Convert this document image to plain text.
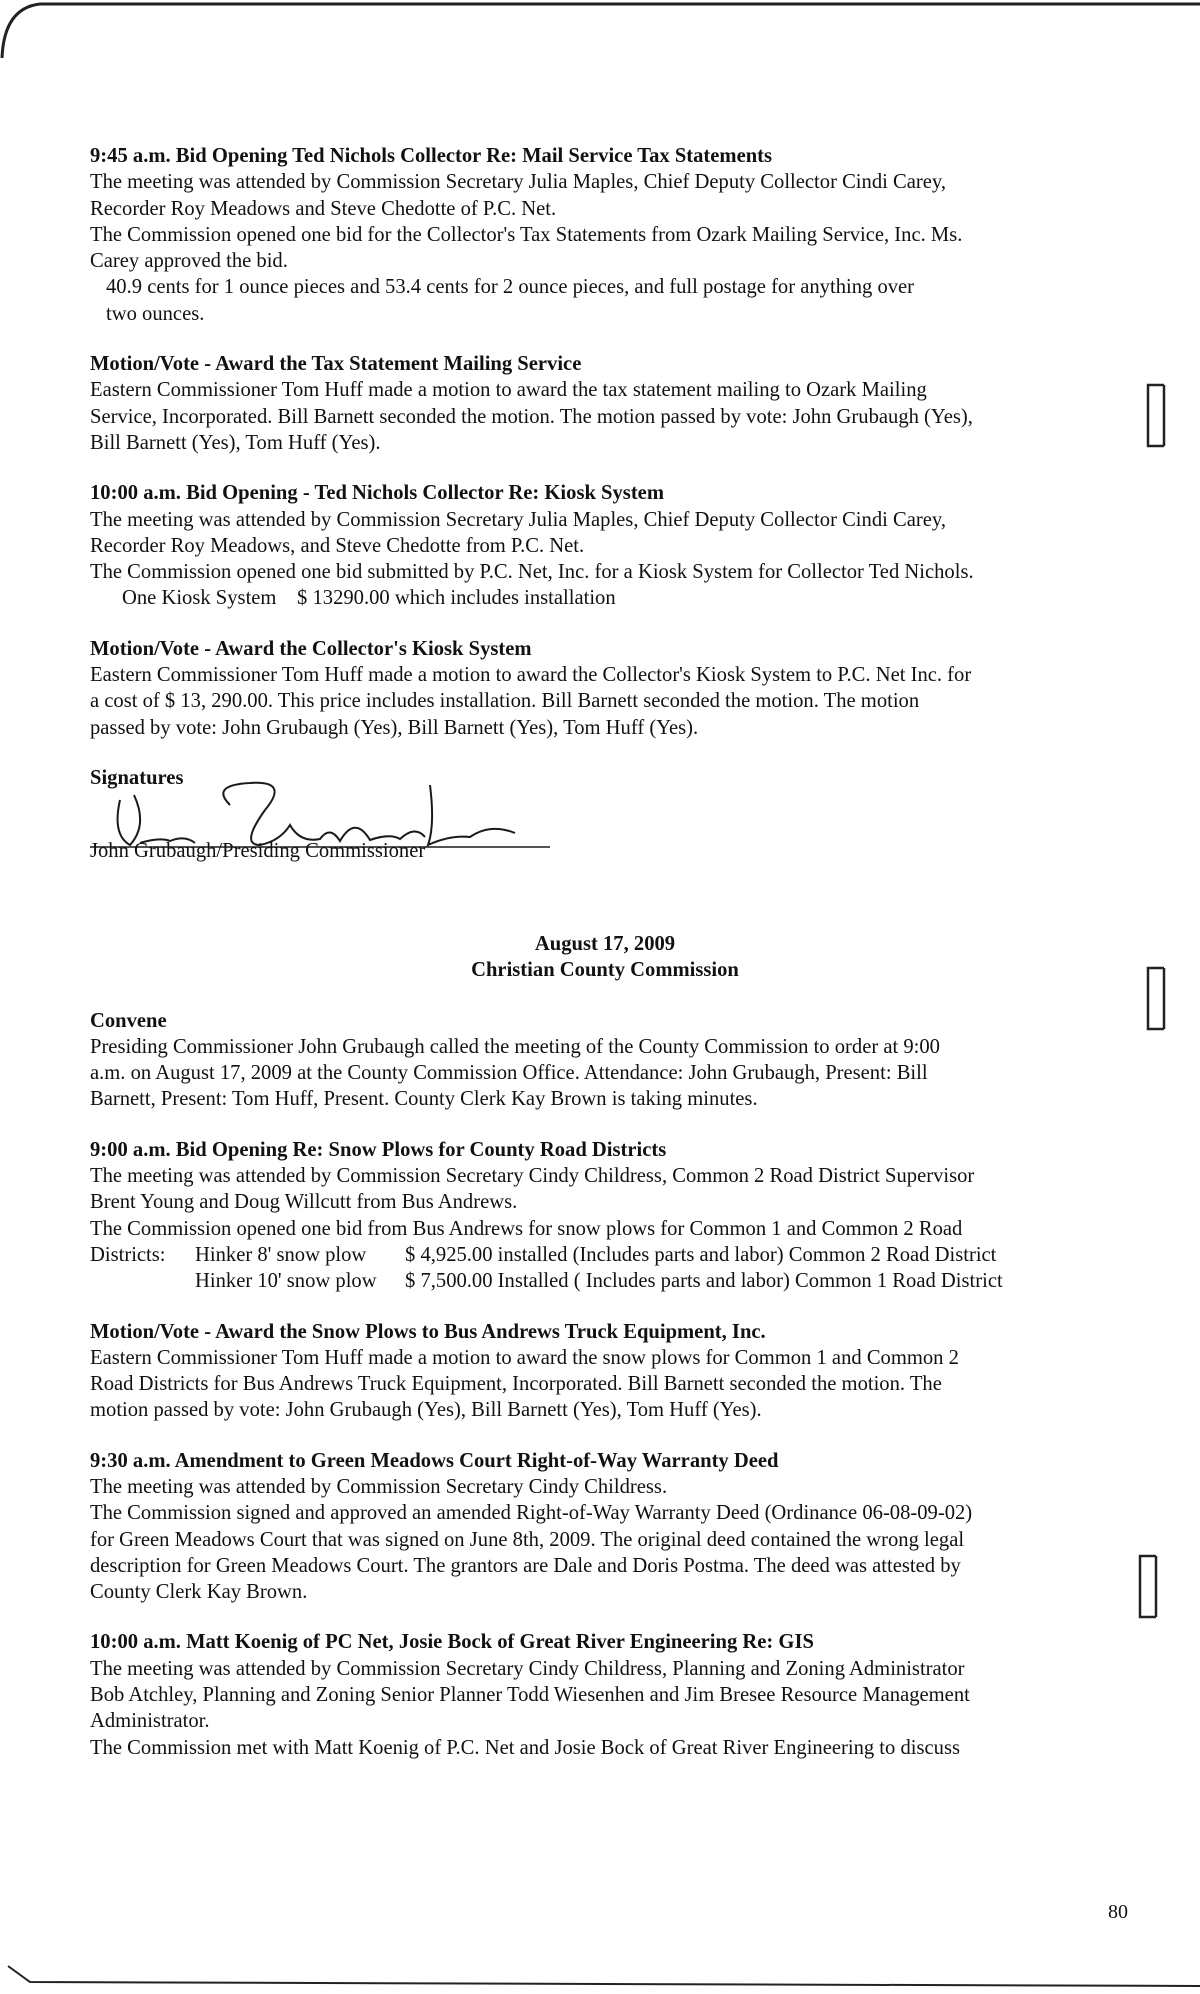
9:45 a.m. Bid Opening Ted Nichols Collector Re: Mail Service Tax Statements
The meeting was attended by Commission Secretary Julia Maples, Chief Deputy Collector Cindi Carey,
Recorder Roy Meadows and Steve Chedotte of P.C. Net.
The Commission opened one bid for the Collector's Tax Statements from Ozark Mailing Service, Inc. Ms.
Carey approved the bid.
40.9 cents for 1 ounce pieces and 53.4 cents for 2 ounce pieces, and full postage for anything over
two ounces.
Motion/Vote - Award the Tax Statement Mailing Service
Eastern Commissioner Tom Huff made a motion to award the tax statement mailing to Ozark Mailing
Service, Incorporated. Bill Barnett seconded the motion. The motion passed by vote: John Grubaugh (Yes),
Bill Barnett (Yes), Tom Huff (Yes).
10:00 a.m. Bid Opening - Ted Nichols Collector Re: Kiosk System
The meeting was attended by Commission Secretary Julia Maples, Chief Deputy Collector Cindi Carey,
Recorder Roy Meadows, and Steve Chedotte from P.C. Net.
The Commission opened one bid submitted by P.C. Net, Inc. for a Kiosk System for Collector Ted Nichols.
One Kiosk System    $ 13290.00 which includes installation
Motion/Vote - Award the Collector's Kiosk System
Eastern Commissioner Tom Huff made a motion to award the Collector's Kiosk System to P.C. Net Inc. for
a cost of $ 13, 290.00. This price includes installation. Bill Barnett seconded the motion. The motion
passed by vote: John Grubaugh (Yes), Bill Barnett (Yes), Tom Huff (Yes).
Signatures
John Grubaugh/Presiding Commissioner
August 17, 2009
Christian County Commission
Convene
Presiding Commissioner John Grubaugh called the meeting of the County Commission to order at 9:00
a.m. on August 17, 2009 at the County Commission Office. Attendance: John Grubaugh, Present: Bill
Barnett, Present: Tom Huff, Present. County Clerk Kay Brown is taking minutes.
9:00 a.m. Bid Opening Re: Snow Plows for County Road Districts
The meeting was attended by Commission Secretary Cindy Childress, Common 2 Road District Supervisor
Brent Young and Doug Willcutt from Bus Andrews.
The Commission opened one bid from Bus Andrews for snow plows for Common 1 and Common 2 Road
Districts:	Hinker 8' snow plow	$ 4,925.00 installed (Includes parts and labor) Common 2 Road District
Hinker 10' snow plow	$ 7,500.00 Installed ( Includes parts and labor) Common 1 Road District
Motion/Vote - Award the Snow Plows to Bus Andrews Truck Equipment, Inc.
Eastern Commissioner Tom Huff made a motion to award the snow plows for Common 1 and Common 2
Road Districts for Bus Andrews Truck Equipment, Incorporated. Bill Barnett seconded the motion. The
motion passed by vote: John Grubaugh (Yes), Bill Barnett (Yes), Tom Huff (Yes).
9:30 a.m. Amendment to Green Meadows Court Right-of-Way Warranty Deed
The meeting was attended by Commission Secretary Cindy Childress.
The Commission signed and approved an amended Right-of-Way Warranty Deed (Ordinance 06-08-09-02)
for Green Meadows Court that was signed on June 8th, 2009. The original deed contained the wrong legal
description for Green Meadows Court. The grantors are Dale and Doris Postma. The deed was attested by
County Clerk Kay Brown.
10:00 a.m. Matt Koenig of PC Net, Josie Bock of Great River Engineering Re: GIS
The meeting was attended by Commission Secretary Cindy Childress, Planning and Zoning Administrator
Bob Atchley, Planning and Zoning Senior Planner Todd Wiesenhen and Jim Bresee Resource Management
Administrator.
The Commission met with Matt Koenig of P.C. Net and Josie Bock of Great River Engineering to discuss
80
